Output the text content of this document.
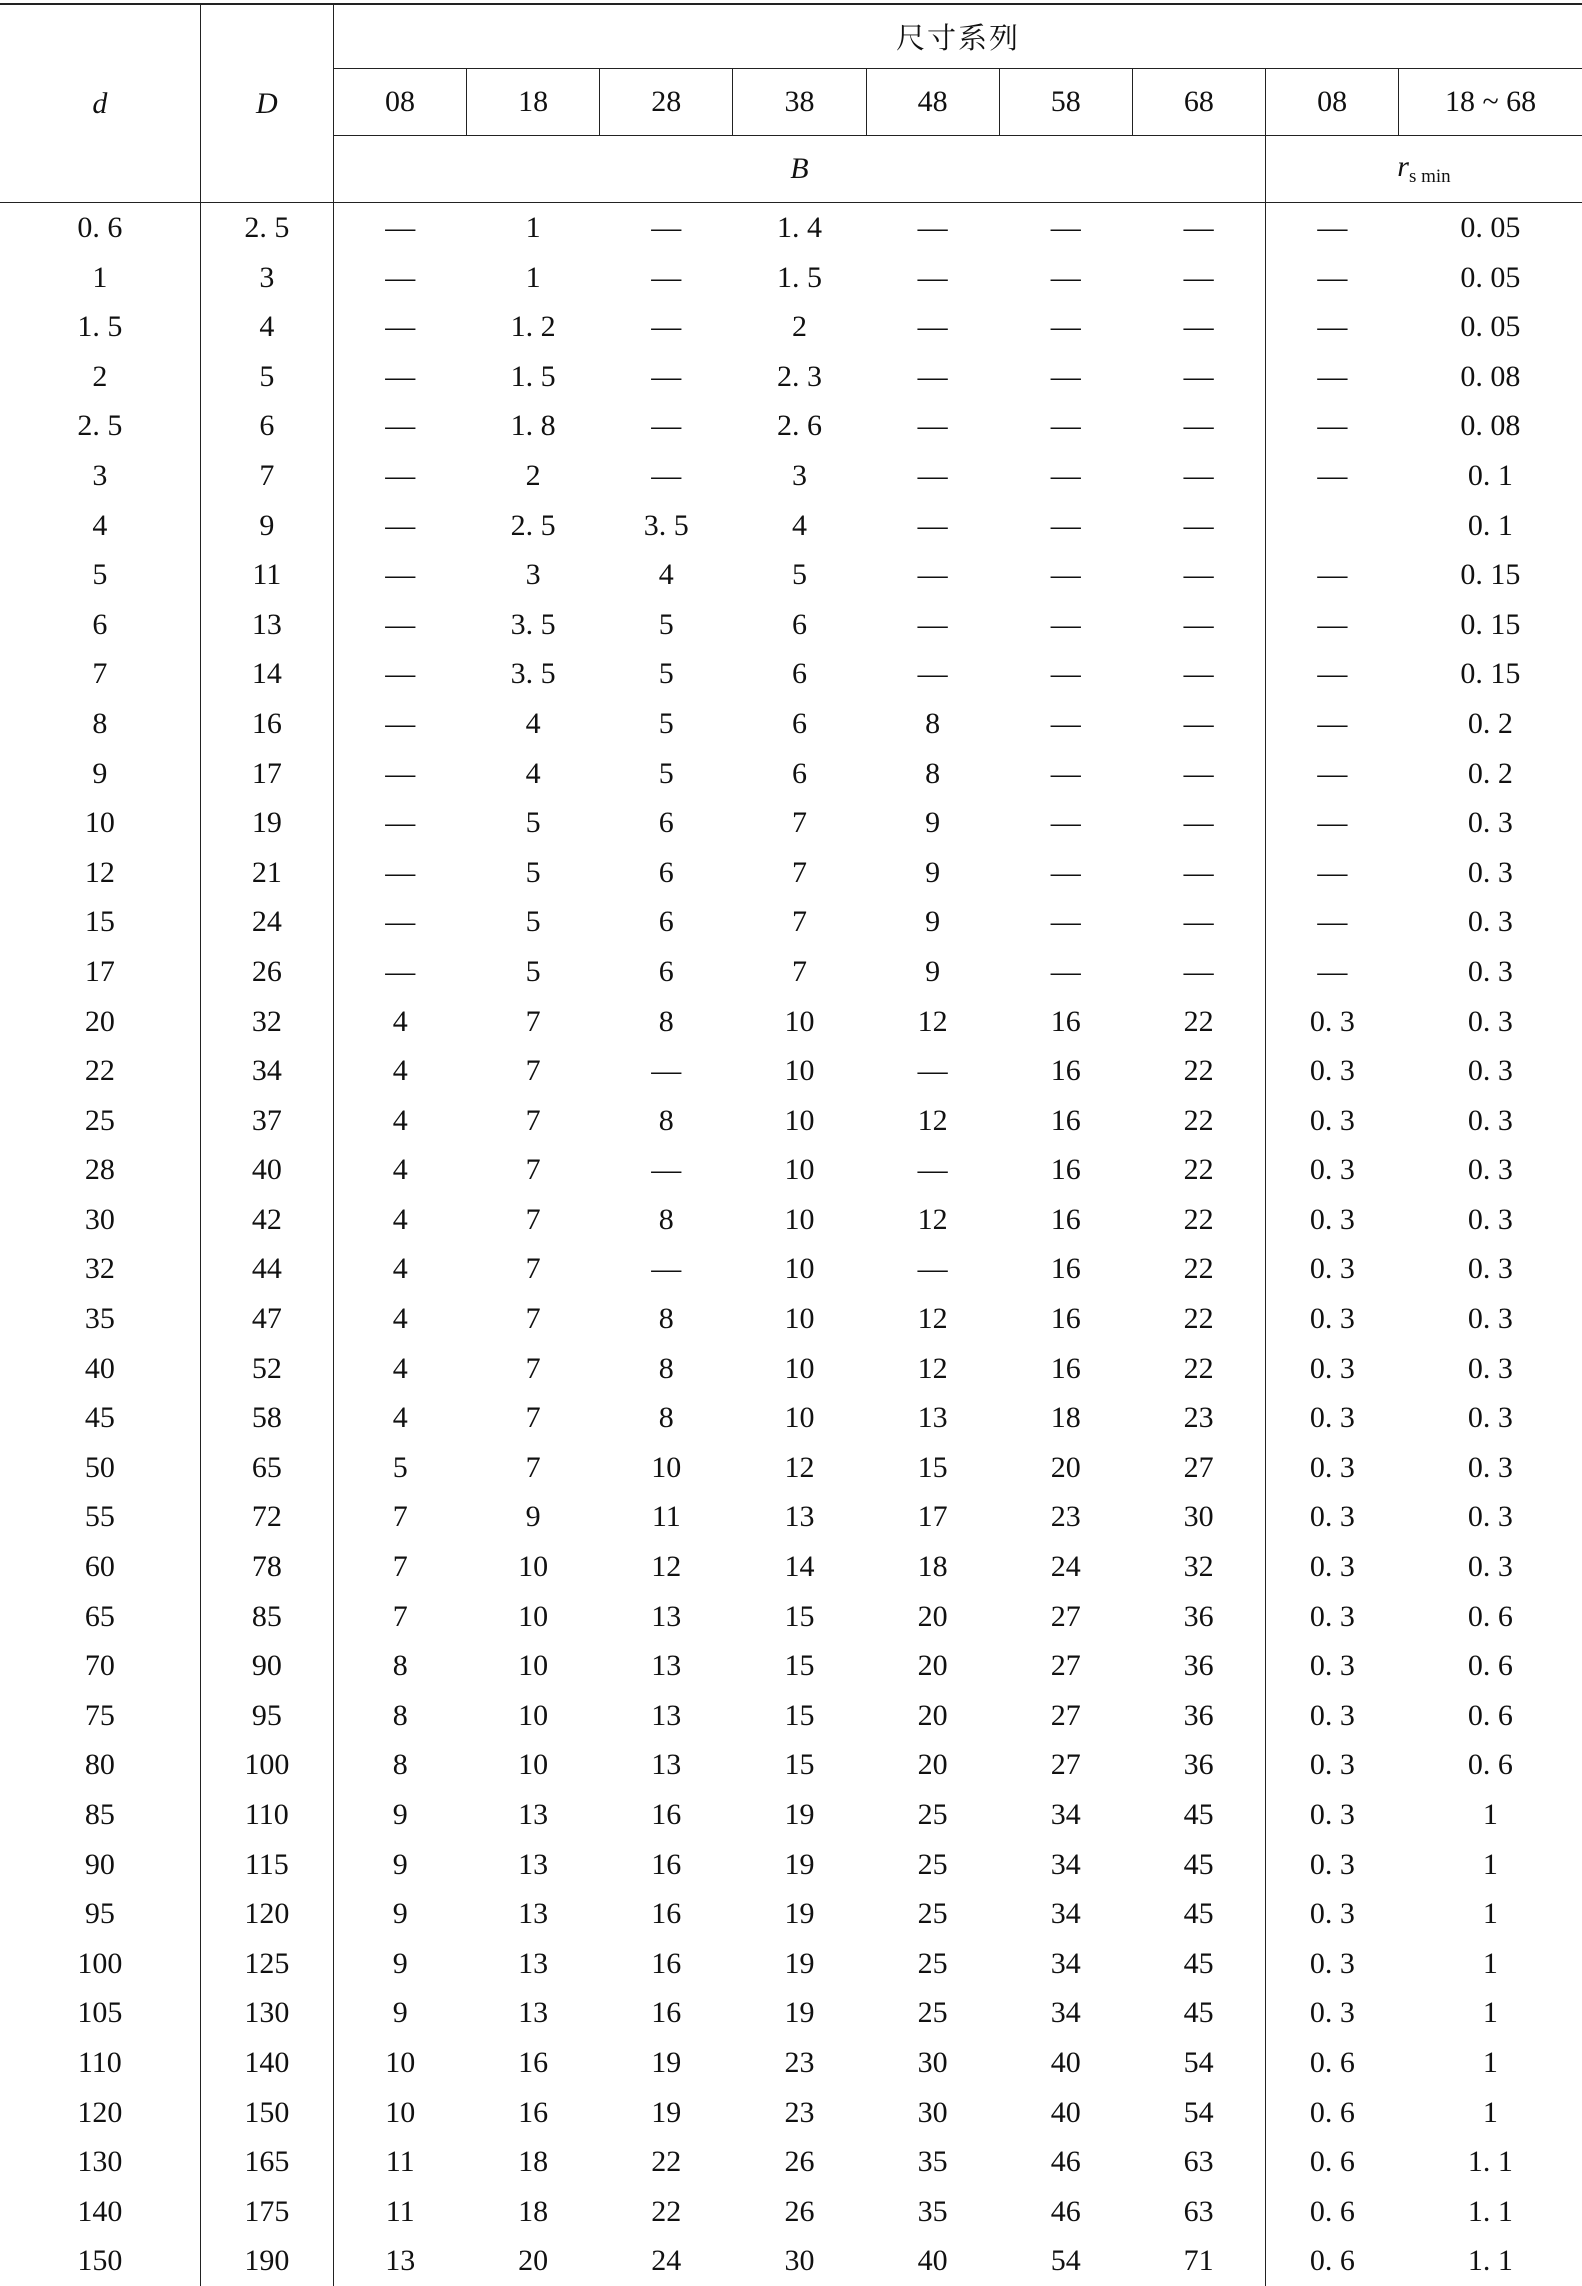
d	D	尺寸系列								
		08	18	28	38	48	58	68	08	18 ~ 68
		B							$r_{s min}$
0. 6	2. 5	—	1	—	1. 4	—	—	—	—	0. 05
1	3	—	1	—	1. 5	—	—	—	—	0. 05
1. 5	4	—	1. 2	—	2	—	—	—	—	0. 05
2	5	—	1. 5	—	2. 3	—	—	—	—	0. 08
2. 5	6	—	1. 8	—	2. 6	—	—	—	—	0. 08
3	7	—	2	—	3	—	—	—	—	0. 1
4	9	—	2. 5	3. 5	4	—	—	—		0. 1
5	11	—	3	4	5	—	—	—	—	0. 15
6	13	—	3. 5	5	6	—	—	—	—	0. 15
7	14	—	3. 5	5	6	—	—	—	—	0. 15
8	16	—	4	5	6	8	—	—	—	0. 2
9	17	—	4	5	6	8	—	—	—	0. 2
10	19	—	5	6	7	9	—	—	—	0. 3
12	21	—	5	6	7	9	—	—	—	0. 3
15	24	—	5	6	7	9	—	—	—	0. 3
17	26	—	5	6	7	9	—	—	—	0. 3
20	32	4	7	8	10	12	16	22	0. 3	0. 3
22	34	4	7	—	10	—	16	22	0. 3	0. 3
25	37	4	7	8	10	12	16	22	0. 3	0. 3
28	40	4	7	—	10	—	16	22	0. 3	0. 3
30	42	4	7	8	10	12	16	22	0. 3	0. 3
32	44	4	7	—	10	—	16	22	0. 3	0. 3
35	47	4	7	8	10	12	16	22	0. 3	0. 3
40	52	4	7	8	10	12	16	22	0. 3	0. 3
45	58	4	7	8	10	13	18	23	0. 3	0. 3
50	65	5	7	10	12	15	20	27	0. 3	0. 3
55	72	7	9	11	13	17	23	30	0. 3	0. 3
60	78	7	10	12	14	18	24	32	0. 3	0. 3
65	85	7	10	13	15	20	27	36	0. 3	0. 6
70	90	8	10	13	15	20	27	36	0. 3	0. 6
75	95	8	10	13	15	20	27	36	0. 3	0. 6
80	100	8	10	13	15	20	27	36	0. 3	0. 6
85	110	9	13	16	19	25	34	45	0. 3	1
90	115	9	13	16	19	25	34	45	0. 3	1
95	120	9	13	16	19	25	34	45	0. 3	1
100	125	9	13	16	19	25	34	45	0. 3	1
105	130	9	13	16	19	25	34	45	0. 3	1
110	140	10	16	19	23	30	40	54	0. 6	1
120	150	10	16	19	23	30	40	54	0. 6	1
130	165	11	18	22	26	35	46	63	0. 6	1. 1
140	175	11	18	22	26	35	46	63	0. 6	1. 1
150	190	13	20	24	30	40	54	71	0. 6	1. 1
